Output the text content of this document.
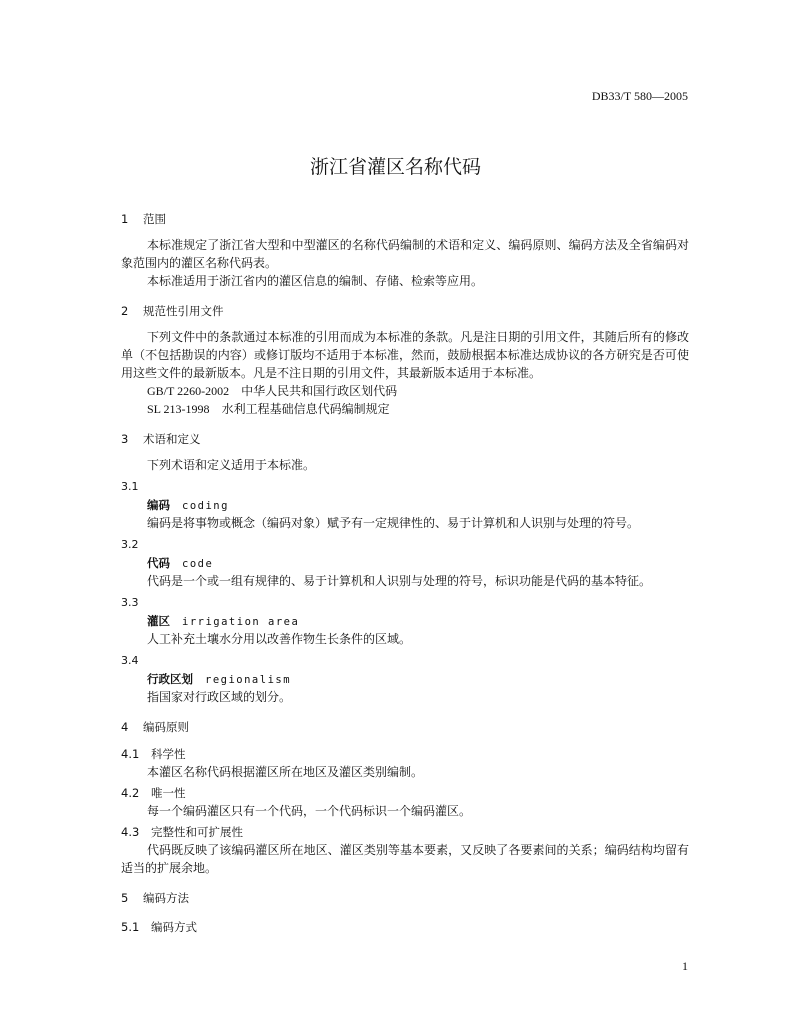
DB33/T 580—2005
浙江省灌区名称代码
1 范围

本标准规定了浙江省大型和中型灌区的名称代码编制的术语和定义、编码原则、编码方法及全省编码对象范围内的灌区名称代码表。

本标准适用于浙江省内的灌区信息的编制、存储、检索等应用。

2 规范性引用文件

下列文件中的条款通过本标准的引用而成为本标准的条款。凡是注日期的引用文件，其随后所有的修改单（不包括勘误的内容）或修订版均不适用于本标准，然而，鼓励根据本标准达成协议的各方研究是否可使用这些文件的最新版本。凡是不注日期的引用文件，其最新版本适用于本标准。

GB/T 2260-2002 中华人民共和国行政区划代码
SL 213-1998 水利工程基础信息代码编制规定
3 术语和定义

下列术语和定义适用于本标准。

3.1
编码 coding

编码是将事物或概念（编码对象）赋予有一定规律性的、易于计算机和人识别与处理的符号。

3.2
代码 code

代码是一个或一组有规律的、易于计算机和人识别与处理的符号，标识功能是代码的基本特征。

3.3
灌区 irrigation area

人工补充土壤水分用以改善作物生长条件的区域。

3.4
行政区划 regionalism

指国家对行政区域的划分。

4 编码原则
4.1 科学性

本灌区名称代码根据灌区所在地区及灌区类别编制。

4.2 唯一性

每一个编码灌区只有一个代码，一个代码标识一个编码灌区。

4.3 完整性和可扩展性

代码既反映了该编码灌区所在地区、灌区类别等基本要素，又反映了各要素间的关系；编码结构均留有适当的扩展余地。

5 编码方法
5.1 编码方式
1
